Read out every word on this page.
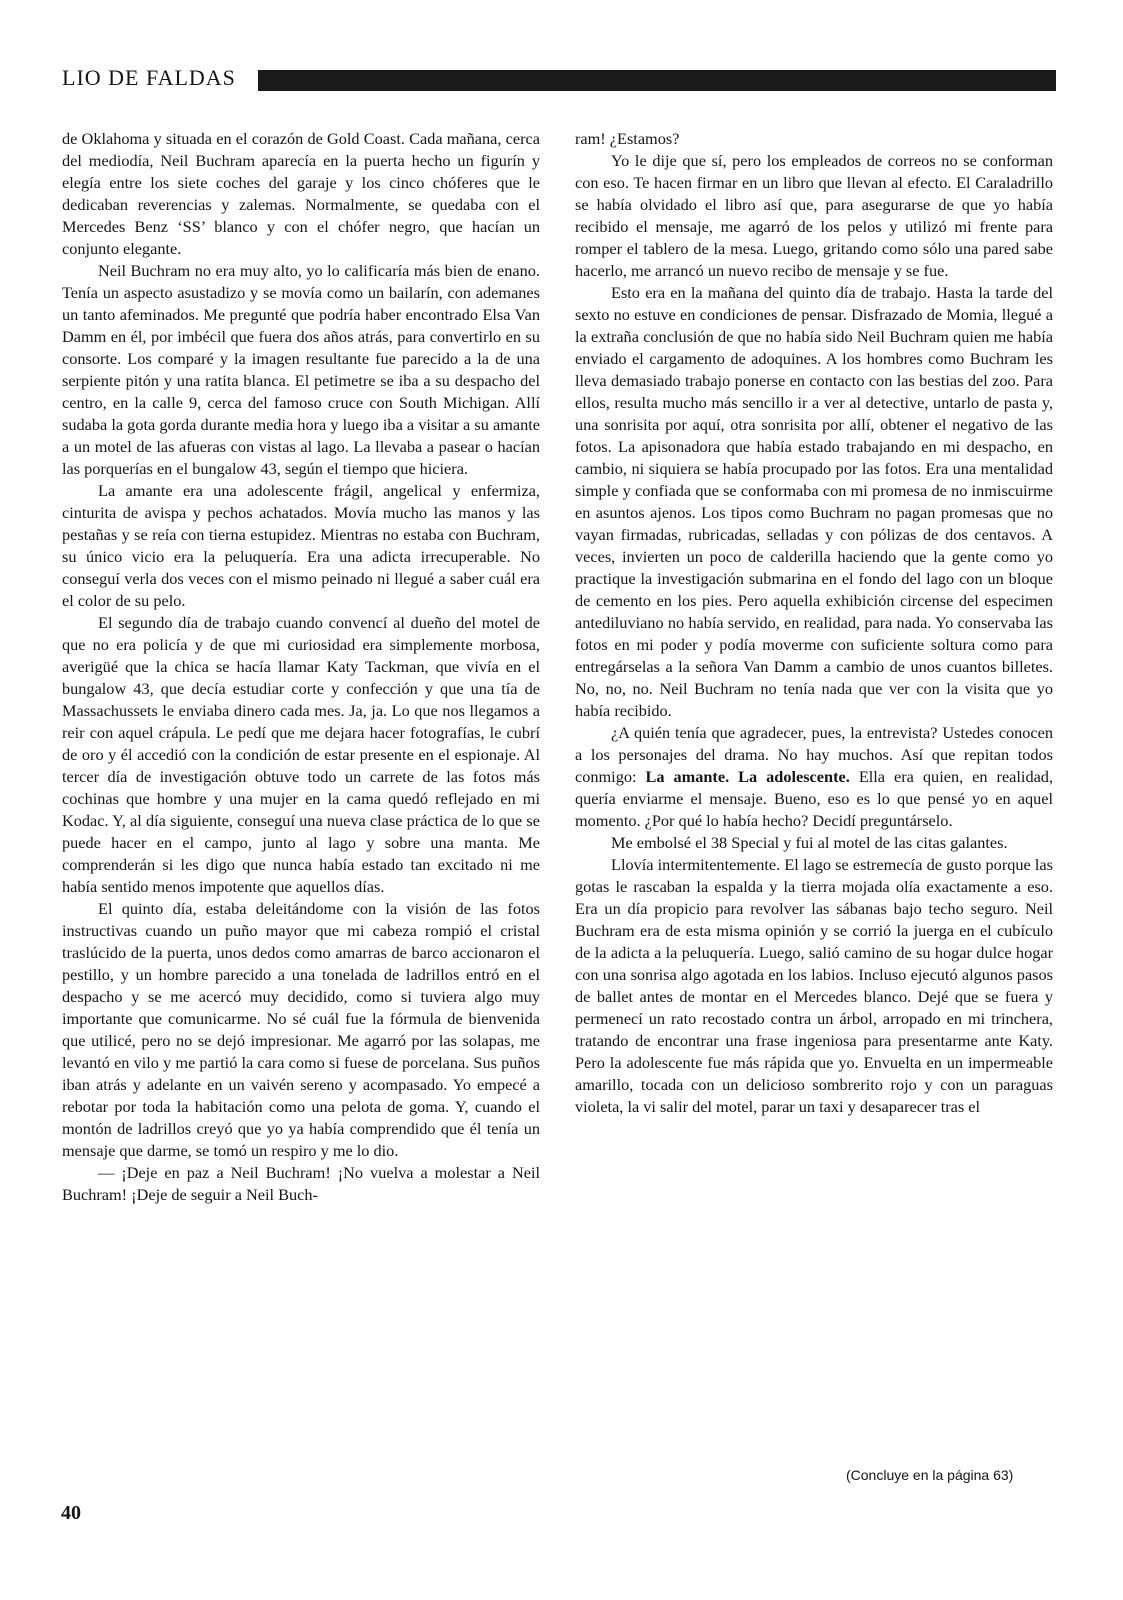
LIO DE FALDAS

de Oklahoma y situada en el corazón de Gold Coast. Cada mañana, cerca del mediodía, Neil Buchram aparecía en la puerta hecho un figurín y elegía entre los siete coches del garaje y los cinco chóferes que le dedicaban reverencias y zalemas. Normalmente, se quedaba con el Mercedes Benz ‘SS’ blanco y con el chófer negro, que hacían un conjunto elegante.

Neil Buchram no era muy alto, yo lo calificaría más bien de enano. Tenía un aspecto asustadizo y se movía como un bailarín, con ademanes un tanto afeminados. Me pregunté que podría haber encontrado Elsa Van Damm en él, por imbécil que fuera dos años atrás, para convertirlo en su consorte. Los comparé y la imagen resultante fue parecido a la de una serpiente pitón y una ratita blanca. El petimetre se iba a su despacho del centro, en la calle 9, cerca del famoso cruce con South Michigan. Allí sudaba la gota gorda durante media hora y luego iba a visitar a su amante a un motel de las afueras con vistas al lago. La llevaba a pasear o hacían las porquerías en el bungalow 43, según el tiempo que hiciera.

La amante era una adolescente frágil, angelical y enfermiza, cinturita de avispa y pechos achatados. Movía mucho las manos y las pestañas y se reía con tierna estupidez. Mientras no estaba con Buchram, su único vicio era la peluquería. Era una adicta irrecuperable. No conseguí verla dos veces con el mismo peinado ni llegué a saber cuál era el color de su pelo.

El segundo día de trabajo cuando convencí al dueño del motel de que no era policía y de que mi curiosidad era simplemente morbosa, averigüé que la chica se hacía llamar Katy Tackman, que vivía en el bungalow 43, que decía estudiar corte y confección y que una tía de Massachussets le enviaba dinero cada mes. Ja, ja. Lo que nos llegamos a reir con aquel crápula. Le pedí que me dejara hacer fotografías, le cubrí de oro y él accedió con la condición de estar presente en el espionaje. Al tercer día de investigación obtuve todo un carrete de las fotos más cochinas que hombre y una mujer en la cama quedó reflejado en mi Kodac. Y, al día siguiente, conseguí una nueva clase práctica de lo que se puede hacer en el campo, junto al lago y sobre una manta. Me comprenderán si les digo que nunca había estado tan excitado ni me había sentido menos impotente que aquellos días.

El quinto día, estaba deleitándome con la visión de las fotos instructivas cuando un puño mayor que mi cabeza rompió el cristal traslúcido de la puerta, unos dedos como amarras de barco accionaron el pestillo, y un hombre parecido a una tonelada de ladrillos entró en el despacho y se me acercó muy decidido, como si tuviera algo muy importante que comunicarme. No sé cuál fue la fórmula de bienvenida que utilicé, pero no se dejó impresionar. Me agarró por las solapas, me levantó en vilo y me partió la cara como si fuese de porcelana. Sus puños iban atrás y adelante en un vaivén sereno y acompasado. Yo empecé a rebotar por toda la habitación como una pelota de goma. Y, cuando el montón de ladrillos creyó que yo ya había comprendido que él tenía un mensaje que darme, se tomó un respiro y me lo dio.

— ¡Deje en paz a Neil Buchram! ¡No vuelva a molestar a Neil Buchram! ¡Deje de seguir a Neil Buch-

ram! ¿Estamos?

Yo le dije que sí, pero los empleados de correos no se conforman con eso. Te hacen firmar en un libro que llevan al efecto. El Caraladrillo se había olvidado el libro así que, para asegurarse de que yo había recibido el mensaje, me agarró de los pelos y utilizó mi frente para romper el tablero de la mesa. Luego, gritando como sólo una pared sabe hacerlo, me arrancó un nuevo recibo de mensaje y se fue.

Esto era en la mañana del quinto día de trabajo. Hasta la tarde del sexto no estuve en condiciones de pensar. Disfrazado de Momia, llegué a la extraña conclusión de que no había sido Neil Buchram quien me había enviado el cargamento de adoquines. A los hombres como Buchram les lleva demasiado trabajo ponerse en contacto con las bestias del zoo. Para ellos, resulta mucho más sencillo ir a ver al detective, untarlo de pasta y, una sonrisita por aquí, otra sonrisita por allí, obtener el negativo de las fotos. La apisonadora que había estado trabajando en mi despacho, en cambio, ni siquiera se había procupado por las fotos. Era una mentalidad simple y confiada que se conformaba con mi promesa de no inmiscuirme en asuntos ajenos. Los tipos como Buchram no pagan promesas que no vayan firmadas, rubricadas, selladas y con pólizas de dos centavos. A veces, invierten un poco de calderilla haciendo que la gente como yo practique la investigación submarina en el fondo del lago con un bloque de cemento en los pies. Pero aquella exhibición circense del especimen antediluviano no había servido, en realidad, para nada. Yo conservaba las fotos en mi poder y podía moverme con suficiente soltura como para entregárselas a la señora Van Damm a cambio de unos cuantos billetes. No, no, no. Neil Buchram no tenía nada que ver con la visita que yo había recibido.

¿A quién tenía que agradecer, pues, la entrevista? Ustedes conocen a los personajes del drama. No hay muchos. Así que repitan todos conmigo: La amante. La adolescente. Ella era quien, en realidad, quería enviarme el mensaje. Bueno, eso es lo que pensé yo en aquel momento. ¿Por qué lo había hecho? Decidí preguntárselo.

Me embolsé el 38 Special y fui al motel de las citas galantes.

Llovía intermitentemente. El lago se estremecía de gusto porque las gotas le rascaban la espalda y la tierra mojada olía exactamente a eso. Era un día propicio para revolver las sábanas bajo techo seguro. Neil Buchram era de esta misma opinión y se corrió la juerga en el cubículo de la adicta a la peluquería. Luego, salió camino de su hogar dulce hogar con una sonrisa algo agotada en los labios. Incluso ejecutó algunos pasos de ballet antes de montar en el Mercedes blanco. Dejé que se fuera y permenecí un rato recostado contra un árbol, arropado en mi trinchera, tratando de encontrar una frase ingeniosa para presentarme ante Katy. Pero la adolescente fue más rápida que yo. Envuelta en un impermeable amarillo, tocada con un delicioso sombrerito rojo y con un paraguas violeta, la vi salir del motel, parar un taxi y desaparecer tras el

(Concluye en la página 63)
40
